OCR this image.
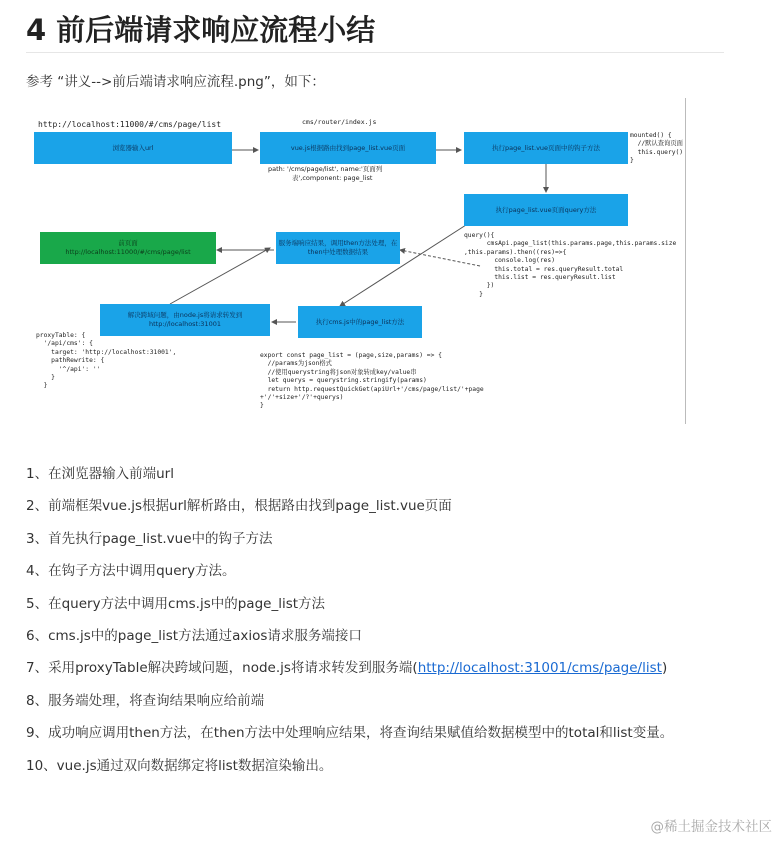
4 前后端请求响应流程小结
参考 “讲义-->前后端请求响应流程.png”，如下：
http://localhost:11000/#/cms/page/list	cms/router/index.js
浏览器输入url	vue.js根据路由找到page_list.vue页面
path: '/cms/page/list', name:'页面列
表',component: page_list
执行page_list.vue页面中的钩子方法
mounted() {
//默认查询页面
this.query()
}
执行page_list.vue页面query方法
query(){
cmsApi.page_list(this.params.page,this.params.size
,this.params).then((res)=>{
console.log(res)
this.total = res.queryResult.total
this.list = res.queryResult.list
})
}
前页面
http://localhost:11000/#/cms/page/list
服务端响应结果，调用then方法处理，在then中处理数据结果
解决跨域问题，由node.js将请求转发到 http://localhost:31001	执行cms.js中的page_list方法
proxyTable: {
'/api/cms': {
target: 'http://localhost:31001',
pathRewrite: {
'^/api': ''
}
}
export const page_list = (page,size,params) => {
//params为json格式
//使用querystring将json对象转成key/value串
let querys = querystring.stringify(params)
return http.requestQuickGet(apiUrl+'/cms/page/list/'+page
+'/'+size+'/?'+querys)
}
1、在浏览器输入前端url
2、前端框架vue.js根据url解析路由，根据路由找到page_list.vue页面
3、首先执行page_list.vue中的钩子方法
4、在钩子方法中调用query方法。
5、在query方法中调用cms.js中的page_list方法
6、cms.js中的page_list方法通过axios请求服务端接口
7、采用proxyTable解决跨域问题，node.js将请求转发到服务端(http://localhost:31001/cms/page/list)
8、服务端处理，将查询结果响应给前端
9、成功响应调用then方法，在then方法中处理响应结果，将查询结果赋值给数据模型中的total和list变量。
10、vue.js通过双向数据绑定将list数据渲染输出。
@稀土掘金技术社区
